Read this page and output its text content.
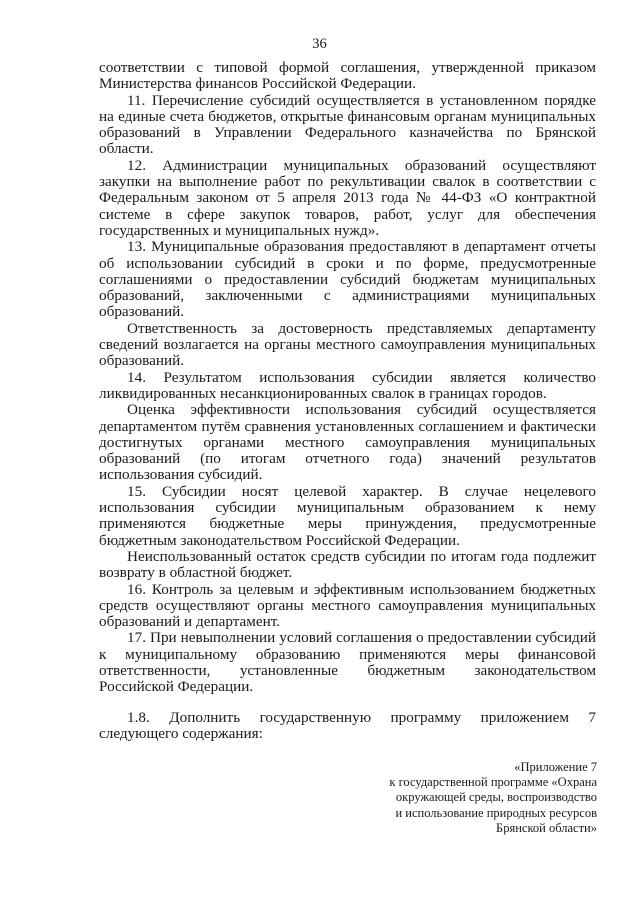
36

соответствии с типовой формой соглашения, утвержденной приказом Министерства финансов Российской Федерации.

11. Перечисление субсидий осуществляется в установленном порядке на единые счета бюджетов, открытые финансовым органам муниципальных образований в Управлении Федерального казначейства по Брянской области.

12. Администрации муниципальных образований осуществляют закупки на выполнение работ по рекультивации свалок в соответствии с Федеральным законом от 5 апреля 2013 года № 44-ФЗ «О контрактной системе в сфере закупок товаров, работ, услуг для обеспечения государственных и муниципальных нужд».

13. Муниципальные образования предоставляют в департамент отчеты об использовании субсидий в сроки и по форме, предусмотренные соглашениями о предоставлении субсидий бюджетам муниципальных образований, заключенными с администрациями муниципальных образований.

Ответственность за достоверность представляемых департаменту сведений возлагается на органы местного самоуправления муниципальных образований.

14. Результатом использования субсидии является количество ликвидированных несанкционированных свалок в границах городов.

Оценка эффективности использования субсидий осуществляется департаментом путём сравнения установленных соглашением и фактически достигнутых органами местного самоуправления муниципальных образований (по итогам отчетного года) значений результатов использования субсидий.

15. Субсидии носят целевой характер. В случае нецелевого использования субсидии муниципальным образованием к нему применяются бюджетные меры принуждения, предусмотренные бюджетным законодательством Российской Федерации.

Неиспользованный остаток средств субсидии по итогам года подлежит возврату в областной бюджет.

16. Контроль за целевым и эффективным использованием бюджетных средств осуществляют органы местного самоуправления муниципальных образований и департамент.

17. При невыполнении условий соглашения о предоставлении субсидий к муниципальному образованию применяются меры финансовой ответственности, установленные бюджетным законодательством Российской Федерации.

1.8. Дополнить государственную программу приложением 7 следующего содержания:

«Приложение 7
к государственной программе «Охрана
окружающей среды, воспроизводство
и использование природных ресурсов
Брянской области»
